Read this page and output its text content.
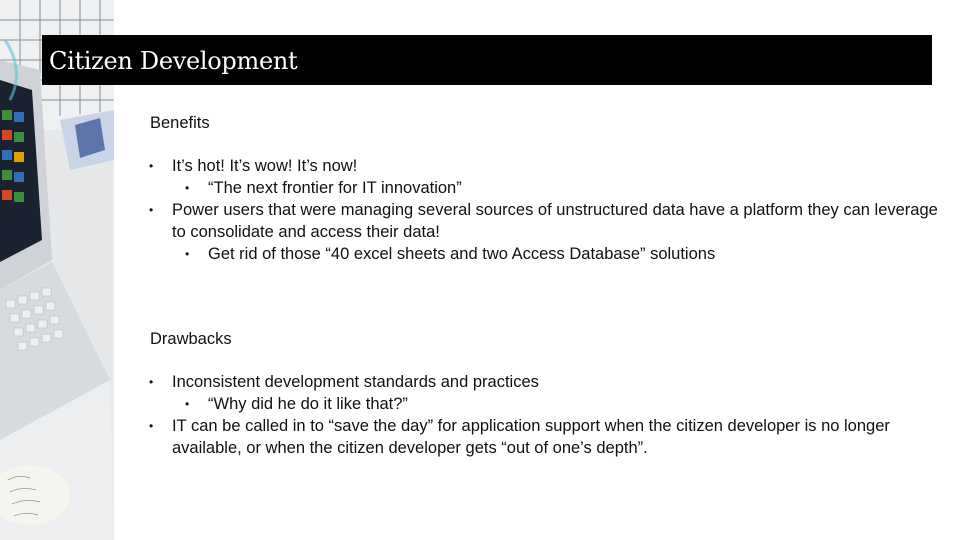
Citizen Development

Benefits

• It’s hot! It’s wow! It’s now!
• “The next frontier for IT innovation”
• Power users that were managing several sources of unstructured data have a platform they can leverage to consolidate and access their data!
• Get rid of those “40 excel sheets and two Access Database” solutions

Drawbacks

• Inconsistent development standards and practices
• “Why did he do it like that?”
• IT can be called in to “save the day” for application support when the citizen developer is no longer available, or when the citizen developer gets “out of one’s depth”.
